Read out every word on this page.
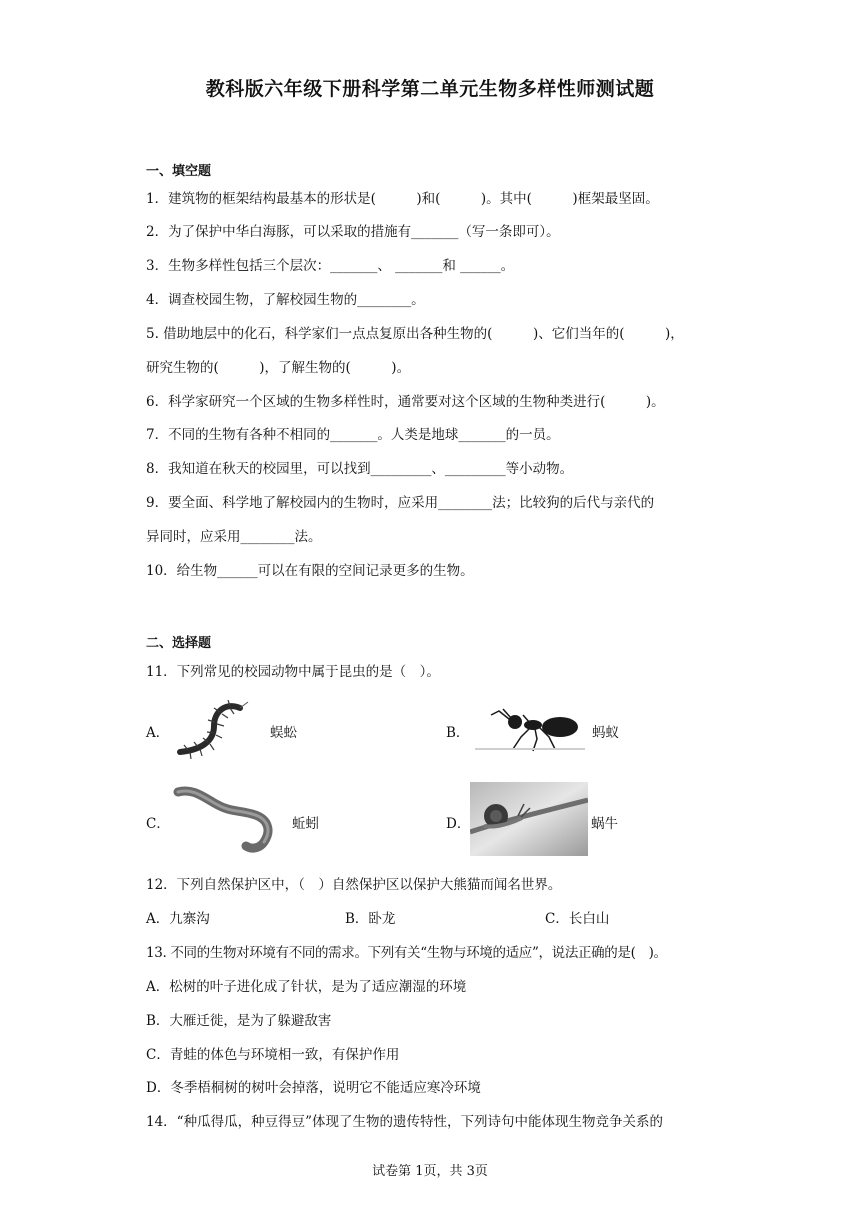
教科版六年级下册科学第二单元生物多样性师测试题
一、填空题
1．建筑物的框架结构最基本的形状是(　　　)和(　　　)。其中(　　　)框架最坚固。
2．为了保护中华白海豚，可以采取的措施有_______（写一条即可）。
3．生物多样性包括三个层次：_______、 _______和 ______。
4．调查校园生物，了解校园生物的________。
5. 借助地层中的化石，科学家们一点点复原出各种生物的(　　　)、它们当年的(　　　)，
研究生物的(　　　)，了解生物的(　　　)。
6．科学家研究一个区域的生物多样性时，通常要对这个区域的生物种类进行(　　　)。
7．不同的生物有各种不相同的_______。人类是地球_______的一员。
8．我知道在秋天的校园里，可以找到_________、_________等小动物。
9．要全面、科学地了解校园内的生物时，应采用________法；比较狗的后代与亲代的
异同时，应采用________法。
10．给生物______可以在有限的空间记录更多的生物。
二、选择题
11．下列常见的校园动物中属于昆虫的是（　）。
A．	蜈蚣	B．	蚂蚁
C．	蚯蚓	D．	蜗牛
12．下列自然保护区中，（　）自然保护区以保护大熊猫而闻名世界。
A．九寨沟	B．卧龙	C．长白山
13. 不同的生物对环境有不同的需求。下列有关“生物与环境的适应”，说法正确的是(　)。
A．松树的叶子进化成了针状，是为了适应潮湿的环境
B．大雁迁徙，是为了躲避敌害
C．青蛙的体色与环境相一致，有保护作用
D．冬季梧桐树的树叶会掉落，说明它不能适应寒冷环境
14．“种瓜得瓜，种豆得豆”体现了生物的遗传特性，下列诗句中能体现生物竞争关系的
试卷第 1页，共 3页
